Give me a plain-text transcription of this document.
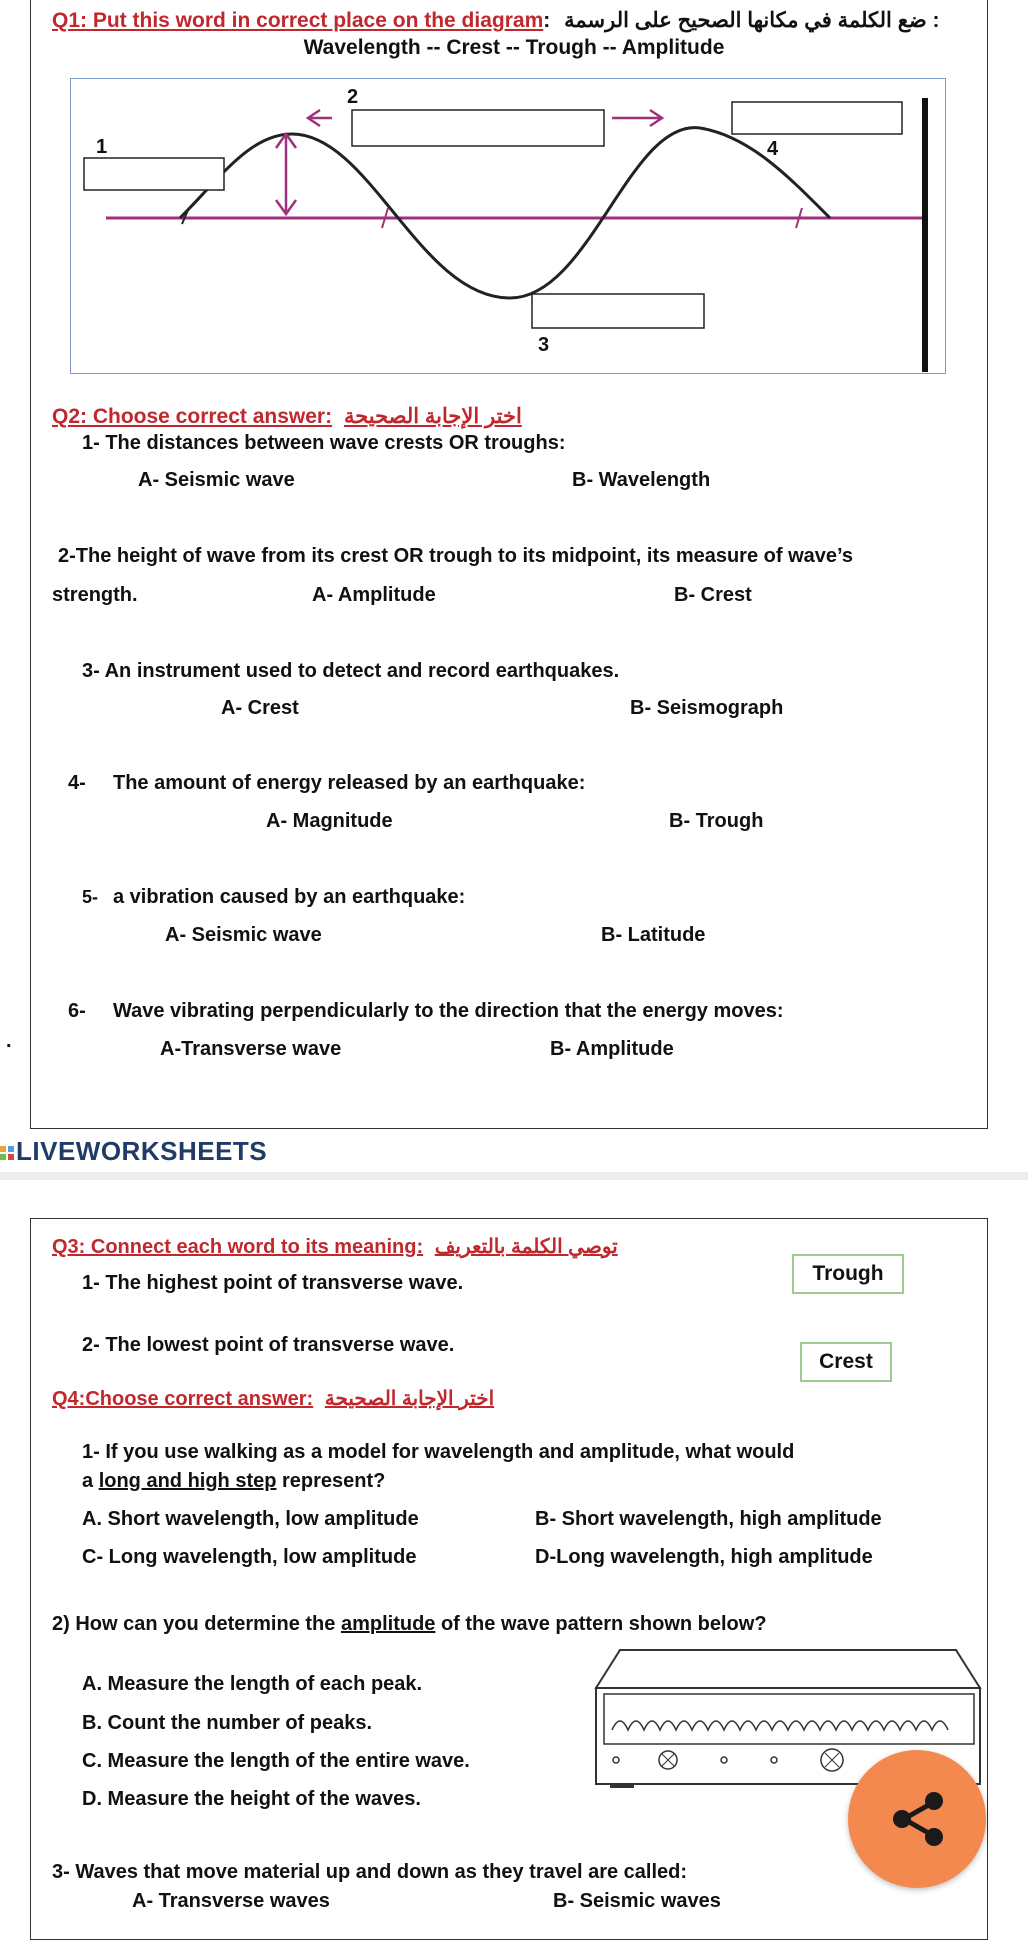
Q1: Put this word in correct place on the diagram: ضع الكلمة في مكانها الصحيح على الرسمة :
Wavelength -- Crest -- Trough -- Amplitude
1
2
3
4
Q2: Choose correct answer: اختر الإجابة الصحيحة
1- The distances between wave crests OR troughs:
A- Seismic wave	B- Wavelength
2-The height of wave from its crest OR trough to its midpoint, its measure of wave’s
strength.	A- Amplitude	B- Crest
3- An instrument used to detect and record earthquakes.
A- Crest	B- Seismograph
4- The amount of energy released by an earthquake:
A- Magnitude	B- Trough
5- a vibration caused by an earthquake:
A- Seismic wave	B- Latitude
6- Wave vibrating perpendicularly to the direction that the energy moves:
.	A-Transverse wave	B- Amplitude
LIVEWORKSHEETS
Q3: Connect each word to its meaning: توصي الكلمة بالتعريف
1- The highest point of transverse wave.	Trough
2- The lowest point of transverse wave.
Crest
Q4:Choose correct answer: اختر الإجابة الصحيحة
1- If you use walking as a model for wavelength and amplitude, what would
a long and high step represent?
A. Short wavelength, low amplitude	B- Short wavelength, high amplitude
C- Long wavelength, low amplitude	D-Long wavelength, high amplitude
2) How can you determine the amplitude of the wave pattern shown below?
A. Measure the length of each peak.
B. Count the number of peaks.
C. Measure the length of the entire wave.
D. Measure the height of the waves.
3- Waves that move material up and down as they travel are called:
A- Transverse waves	B- Seismic waves
